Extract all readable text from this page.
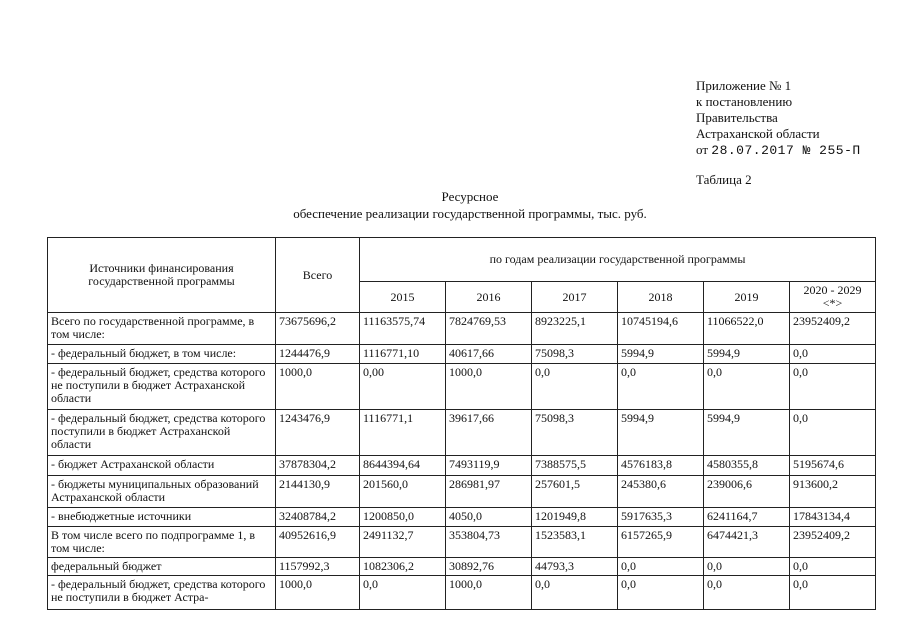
Приложение № 1
к постановлению
Правительства
Астраханской области
от 28.07.2017 № 255-П
Таблица 2
Ресурсное
обеспечение реализации государственной программы, тыс. руб.
Источники финансирования государственной программы	Всего	по годам реализации государственной программы					
		2015	2016	2017	2018	2019	2020 - 2029 <*>
Всего по государственной программе, в том числе:	73675696,2	11163575,74	7824769,53	8923225,1	10745194,6	11066522,0	23952409,2
- федеральный бюджет, в том числе:	1244476,9	1116771,10	40617,66	75098,3	5994,9	5994,9	0,0
- федеральный бюджет, средства которого не поступили в бюджет Астраханской области	1000,0	0,00	1000,0	0,0	0,0	0,0	0,0
- федеральный бюджет, средства которого поступили в бюджет Астраханской области	1243476,9	1116771,1	39617,66	75098,3	5994,9	5994,9	0,0
- бюджет Астраханской области	37878304,2	8644394,64	7493119,9	7388575,5	4576183,8	4580355,8	5195674,6
- бюджеты муниципальных образований Астраханской области	2144130,9	201560,0	286981,97	257601,5	245380,6	239006,6	913600,2
- внебюджетные источники	32408784,2	1200850,0	4050,0	1201949,8	5917635,3	6241164,7	17843134,4
В том числе всего по подпрограмме 1, в том числе:	40952616,9	2491132,7	353804,73	1523583,1	6157265,9	6474421,3	23952409,2
федеральный бюджет	1157992,3	1082306,2	30892,76	44793,3	0,0	0,0	0,0
- федеральный бюджет, средства которого не поступили в бюджет Астра-	1000,0	0,0	1000,0	0,0	0,0	0,0	0,0
